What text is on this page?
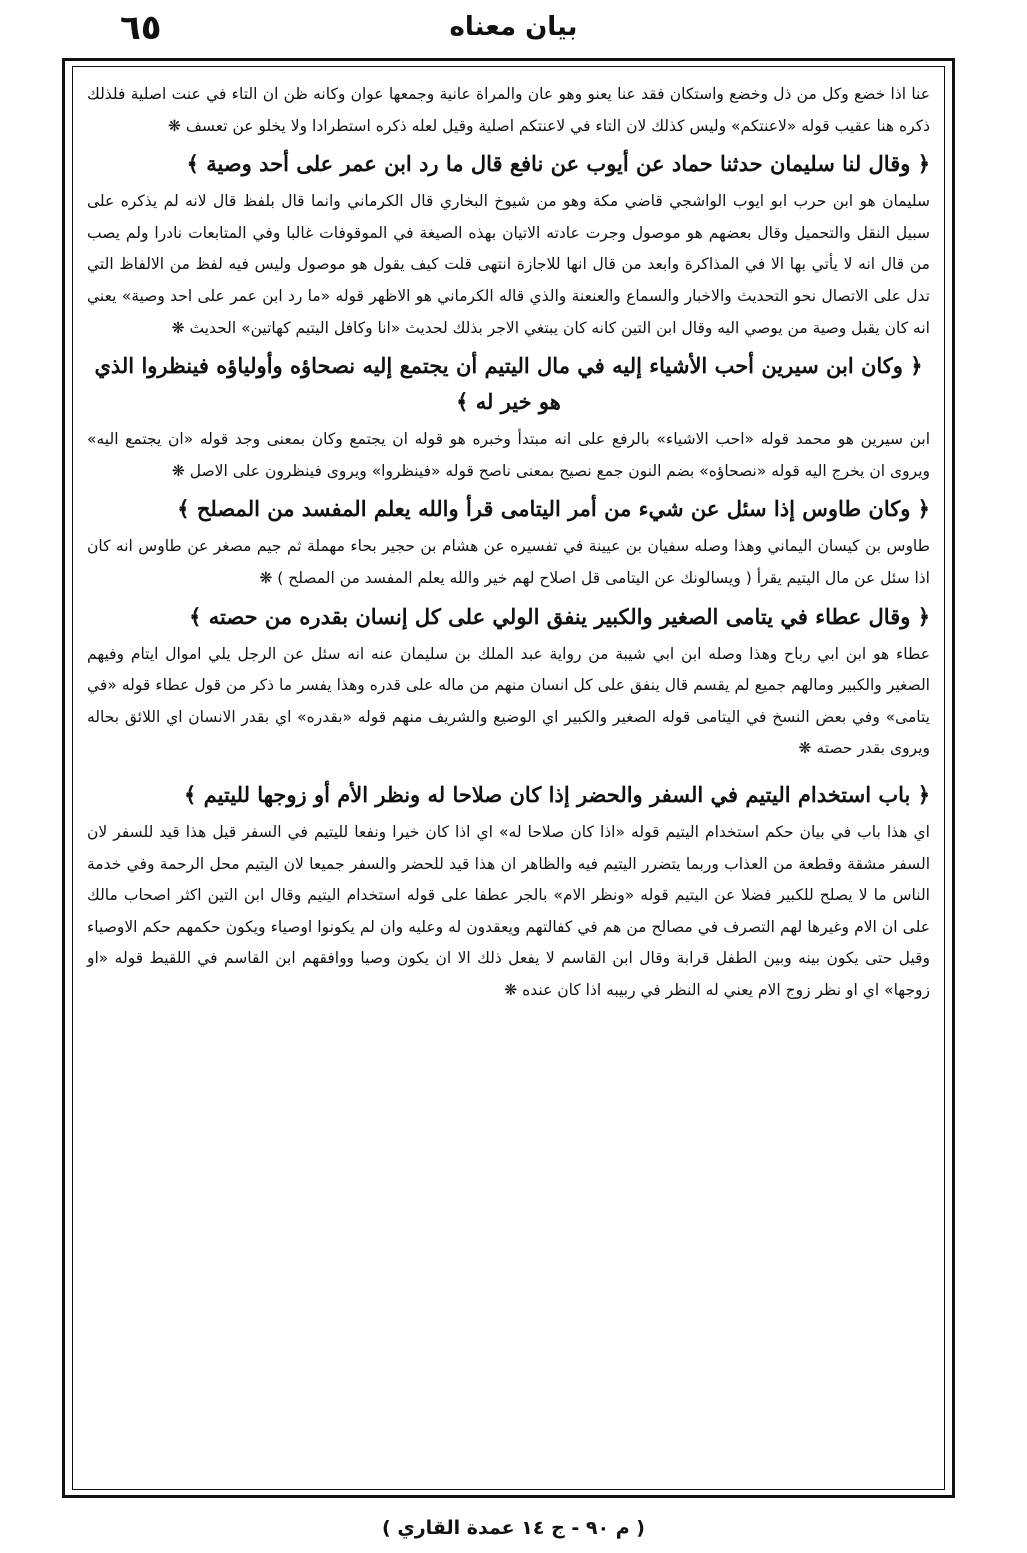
٦٥	بيان معناه

عنا اذا خضع وكل من ذل وخضع واستكان فقد عنا يعنو وهو عان والمراة عانية وجمعها عوان وكانه ظن ان التاء في عنت اصلية فلذلك ذكره هنا عقيب قوله «لاعنتكم» وليس كذلك لان التاء في لاعنتكم اصلية وقيل لعله ذكره استطرادا ولا يخلو عن تعسف ❋

﴿ وقال لنا سليمان حدثنا حماد عن أيوب عن نافع قال ما رد ابن عمر على أحد وصية ﴾

سليمان هو ابن حرب ابو ايوب الواشجي قاضي مكة وهو من شيوخ البخاري قال الكرماني وانما قال بلفظ قال لانه لم يذكره على سبيل النقل والتحميل وقال بعضهم هو موصول وجرت عادته الاتيان بهذه الصيغة في الموقوفات غالبا وفي المتابعات نادرا ولم يصب من قال انه لا يأتي بها الا في المذاكرة وابعد من قال انها للاجازة انتهى قلت كيف يقول هو موصول وليس فيه لفظ من الالفاظ التي تدل على الاتصال نحو التحديث والاخبار والسماع والعنعنة والذي قاله الكرماني هو الاظهر قوله «ما رد ابن عمر على احد وصية» يعني انه كان يقبل وصية من يوصي اليه وقال ابن التين كانه كان يبتغي الاجر بذلك لحديث «انا وكافل اليتيم كهاتين» الحديث ❋

﴿ وكان ابن سيرين أحب الأشياء إليه في مال اليتيم أن يجتمع إليه نصحاؤه وأولياؤه فينظروا الذي هو خير له ﴾

ابن سيرين هو محمد قوله «احب الاشياء» بالرفع على انه مبتدأ وخبره هو قوله ان يجتمع وكان بمعنى وجد قوله «ان يجتمع اليه» ويروى ان يخرج اليه قوله «نصحاؤه» بضم النون جمع نصيح بمعنى ناصح قوله «فينظروا» ويروى فينظرون على الاصل ❋

﴿ وكان طاوس إذا سئل عن شيء من أمر اليتامى قرأ والله يعلم المفسد من المصلح ﴾

طاوس بن كيسان اليماني وهذا وصله سفيان بن عيينة في تفسيره عن هشام بن حجير بحاء مهملة ثم جيم مصغر عن طاوس انه كان اذا سئل عن مال اليتيم يقرأ ( ويسالونك عن اليتامى قل اصلاح لهم خير والله يعلم المفسد من المصلح ) ❋

﴿ وقال عطاء في يتامى الصغير والكبير ينفق الولي على كل إنسان بقدره من حصته ﴾

عطاء هو ابن ابي رباح وهذا وصله ابن ابي شيبة من رواية عبد الملك بن سليمان عنه انه سئل عن الرجل يلي اموال ايتام وفيهم الصغير والكبير ومالهم جميع لم يقسم قال ينفق على كل انسان منهم من ماله على قدره وهذا يفسر ما ذكر من قول عطاء قوله «في يتامى» وفي بعض النسخ في اليتامى قوله الصغير والكبير اي الوضيع والشريف منهم قوله «بقدره» اي بقدر الانسان اي اللائق بحاله ويروى بقدر حصته ❋

﴿ باب استخدام اليتيم في السفر والحضر إذا كان صلاحا له ونظر الأم أو زوجها لليتيم ﴾

اي هذا باب في بيان حكم استخدام اليتيم قوله «اذا كان صلاحا له» اي اذا كان خيرا ونفعا لليتيم في السفر قيل هذا قيد للسفر لان السفر مشقة وقطعة من العذاب وربما يتضرر اليتيم فيه والظاهر ان هذا قيد للحضر والسفر جميعا لان اليتيم محل الرحمة وفي خدمة الناس ما لا يصلح للكبير فضلا عن اليتيم قوله «ونظر الام» بالجر عطفا على قوله استخدام اليتيم وقال ابن التين اكثر اصحاب مالك على ان الام وغيرها لهم التصرف في مصالح من هم في كفالتهم ويعقدون له وعليه وان لم يكونوا اوصياء ويكون حكمهم حكم الاوصياء وقيل حتى يكون بينه وبين الطفل قرابة وقال ابن القاسم لا يفعل ذلك الا ان يكون وصيا ووافقهم ابن القاسم في اللقيط قوله «او زوجها» اي او نظر زوج الام يعني له النظر في ربيبه اذا كان عنده ❋

( م ٩٠ - ج ١٤ عمدة القاري )
